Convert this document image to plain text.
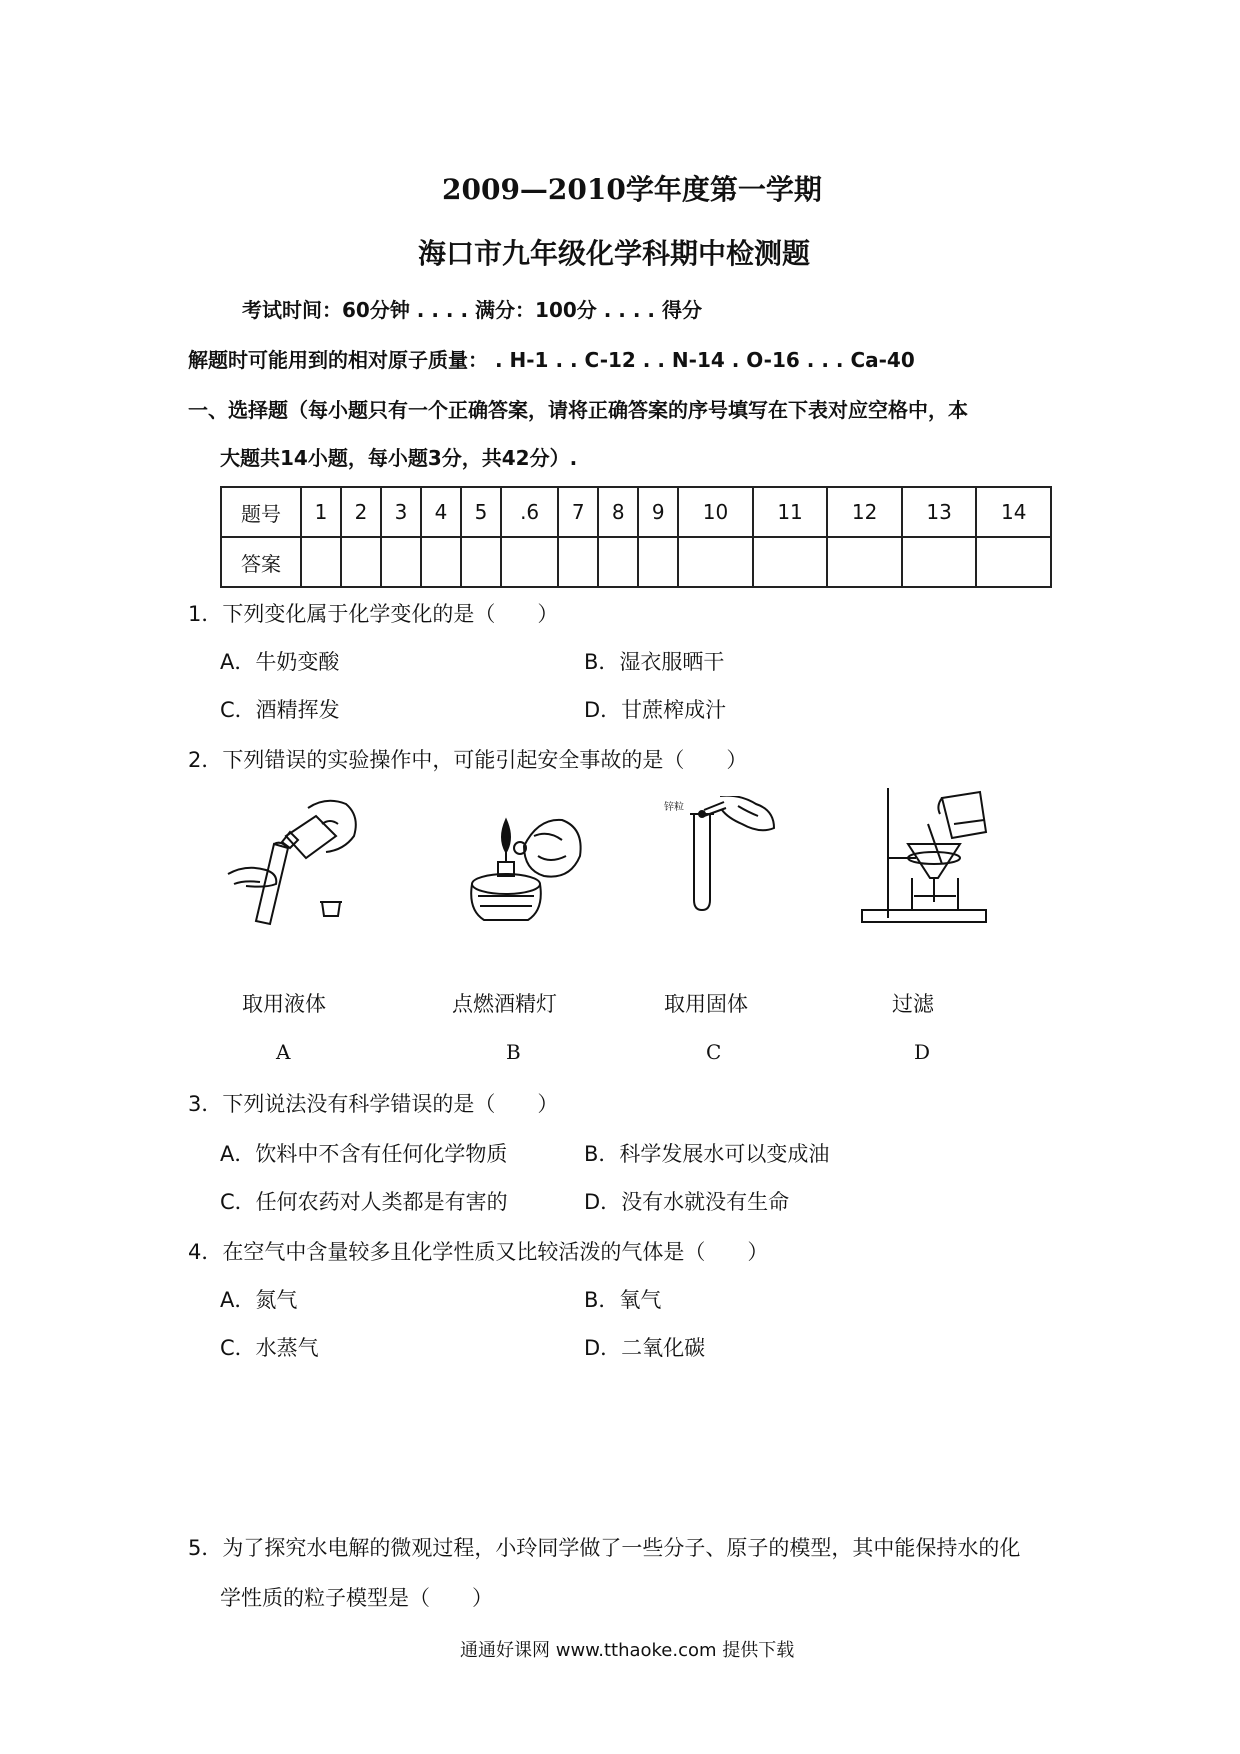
2009—2010学年度第一学期
海口市九年级化学科期中检测题
考试时间：60分钟 . . . . 满分：100分 . . . . 得分
解题时可能用到的相对原子质量： . H-1 . . C-12 . . N-14 . O-16 . . . Ca-40
一、选择题（每小题只有一个正确答案，请将正确答案的序号填写在下表对应空格中，本
大题共14小题，每小题3分，共42分）.
题号	1	2	3	4	5	.6	7	8	9	10	11	12	13	14
答案														
1．下列变化属于化学变化的是（　　）
A．牛奶变酸	B．湿衣服晒干
C．酒精挥发	D．甘蔗榨成汁
2．下列错误的实验操作中，可能引起安全事故的是（　　）
锌粒
取用液体	点燃酒精灯	取用固体	过滤
A	B	C	D
3．下列说法没有科学错误的是（　　）
A．饮料中不含有任何化学物质	B．科学发展水可以变成油
C．任何农药对人类都是有害的	D．没有水就没有生命
4．在空气中含量较多且化学性质又比较活泼的气体是（　　）
A．氮气	B．氧气
C．水蒸气	D．二氧化碳
5．为了探究水电解的微观过程，小玲同学做了一些分子、原子的模型，其中能保持水的化
学性质的粒子模型是（　　）
通通好课网 www.tthaoke.com 提供下载
